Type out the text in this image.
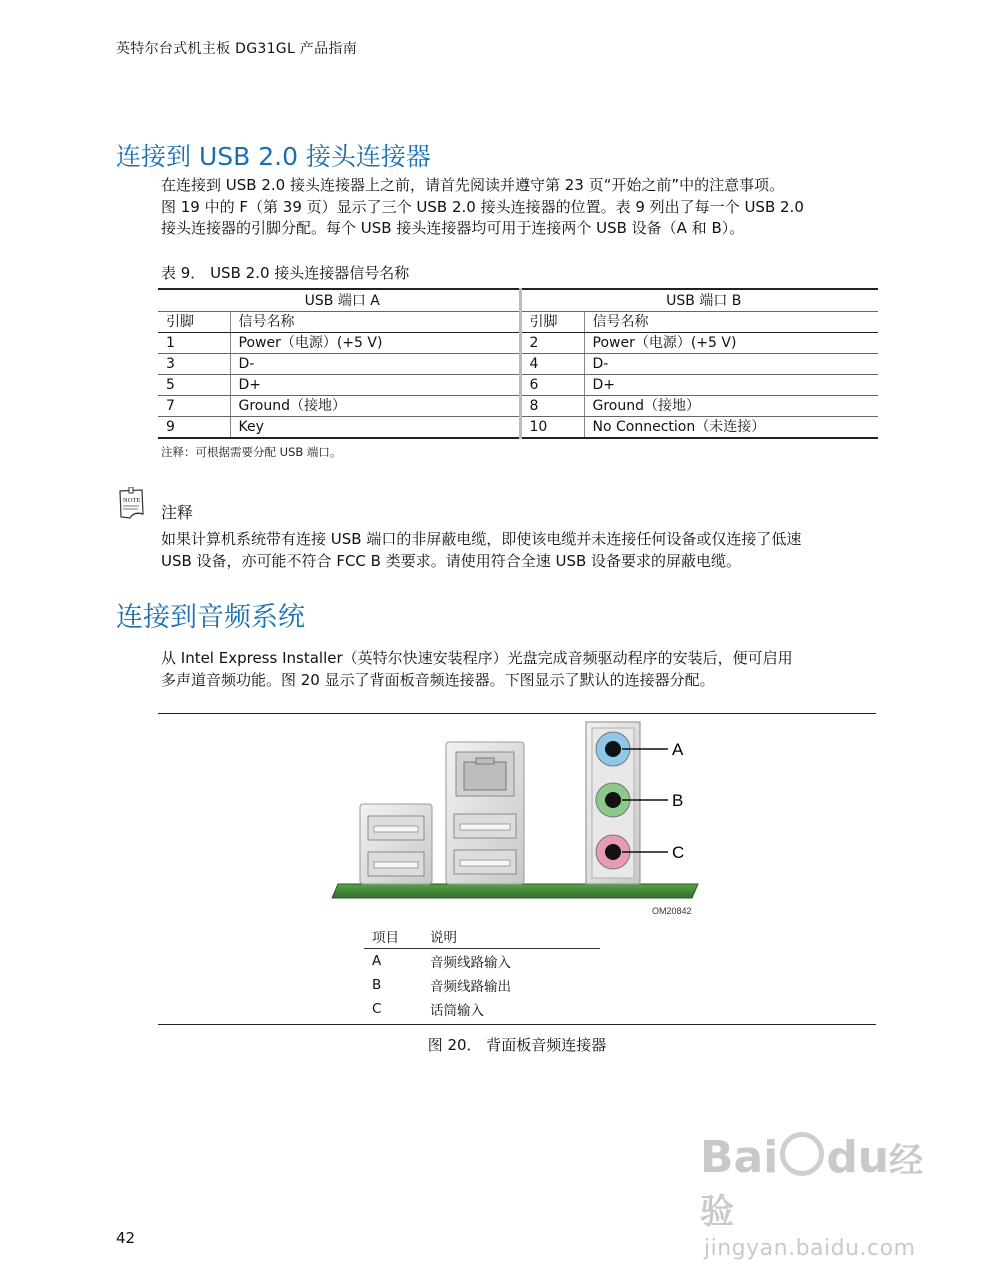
英特尔台式机主板 DG31GL 产品指南
连接到 USB 2.0 接头连接器

在连接到 USB 2.0 接头连接器上之前，请首先阅读并遵守第 23 页“开始之前”中的注意事项。

图 19 中的 F（第 39 页）显示了三个 USB 2.0 接头连接器的位置。表 9 列出了每一个 USB 2.0

接头连接器的引脚分配。每个 USB 接头连接器均可用于连接两个 USB 设备（A 和 B）。

表 9． USB 2.0 接头连接器信号名称
USB 端口 A		USB 端口 B	
引脚	信号名称	引脚	信号名称
1	Power（电源）(+5 V)	2	Power（电源）(+5 V)
3	D-	4	D-
5	D+	6	D+
7	Ground（接地）	8	Ground（接地）
9	Key	10	No Connection（未连接）
注释：可根据需要分配 USB 端口。
NOTE
注释

如果计算机系统带有连接 USB 端口的非屏蔽电缆，即使该电缆并未连接任何设备或仅连接了低速

USB 设备，亦可能不符合 FCC B 类要求。请使用符合全速 USB 设备要求的屏蔽电缆。

连接到音频系统

从 Intel Express Installer（英特尔快速安装程序）光盘完成音频驱动程序的安装后，便可启用

多声道音频功能。图 20 显示了背面板音频连接器。下图显示了默认的连接器分配。

A
B
C
OM20842
项目	说明
A	音频线路输入
B	音频线路输出
C	话筒输入
图 20． 背面板音频连接器
42
Bai du经验
jingyan.baidu.com
